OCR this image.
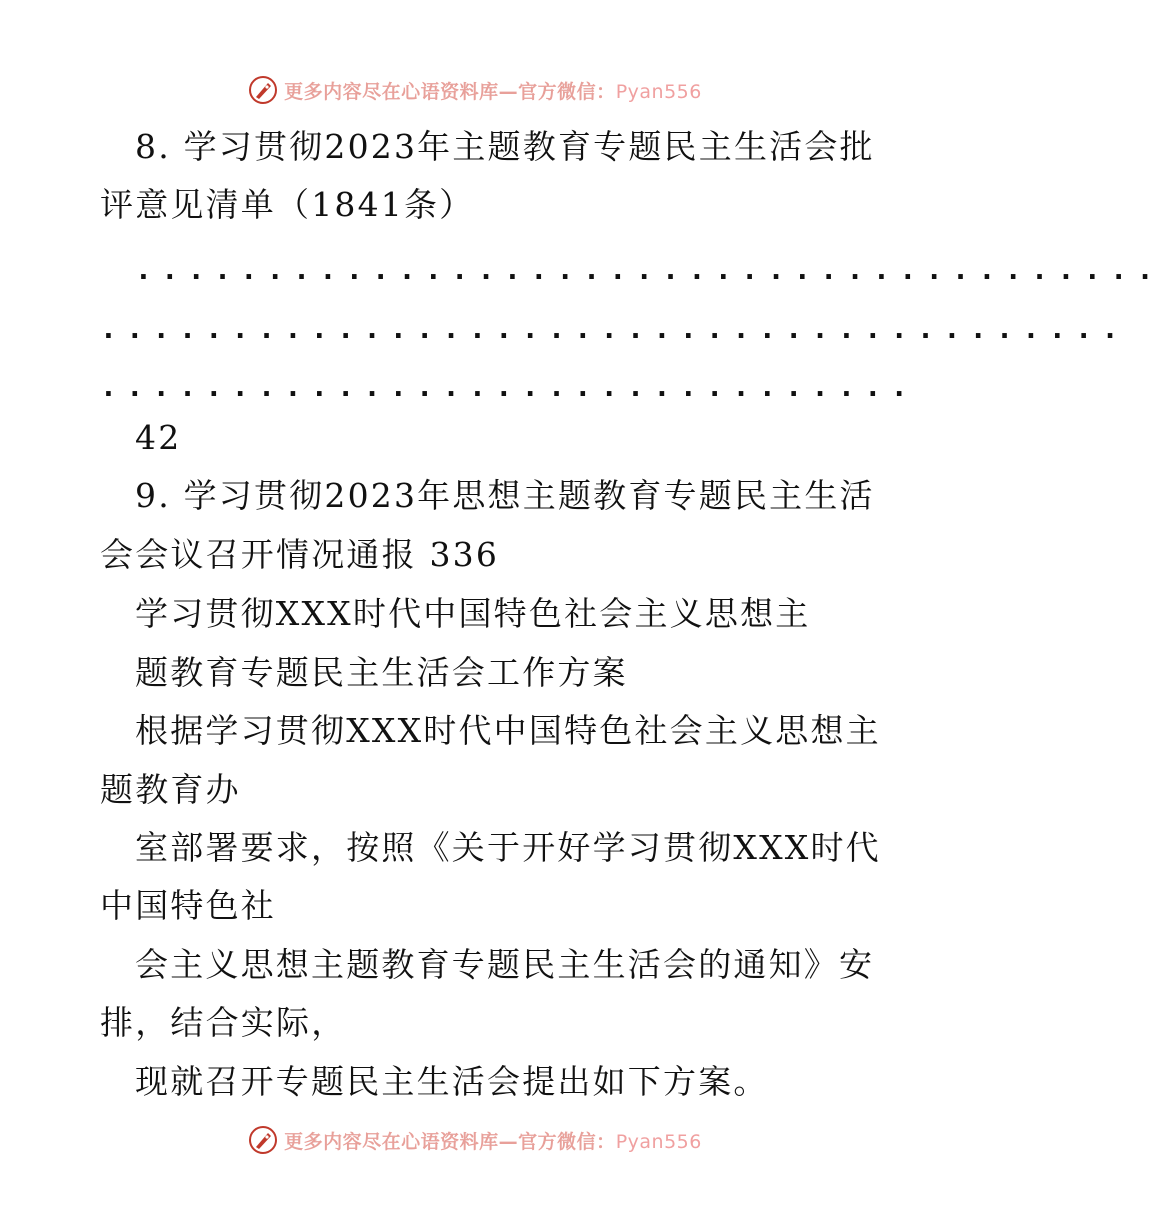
更多内容尽在心语资料库—官方微信：Pyan556
8. 学习贯彻2023年主题教育专题民主生活会批
评意见清单（1841条）
.......................................
.......................................
...............................
42
9. 学习贯彻2023年思想主题教育专题民主生活
会会议召开情况通报 336
学习贯彻XXX时代中国特色社会主义思想主
题教育专题民主生活会工作方案
根据学习贯彻XXX时代中国特色社会主义思想主
题教育办
室部署要求，按照《关于开好学习贯彻XXX时代
中国特色社
会主义思想主题教育专题民主生活会的通知》安
排，结合实际，
现就召开专题民主生活会提出如下方案。
更多内容尽在心语资料库—官方微信：Pyan556
